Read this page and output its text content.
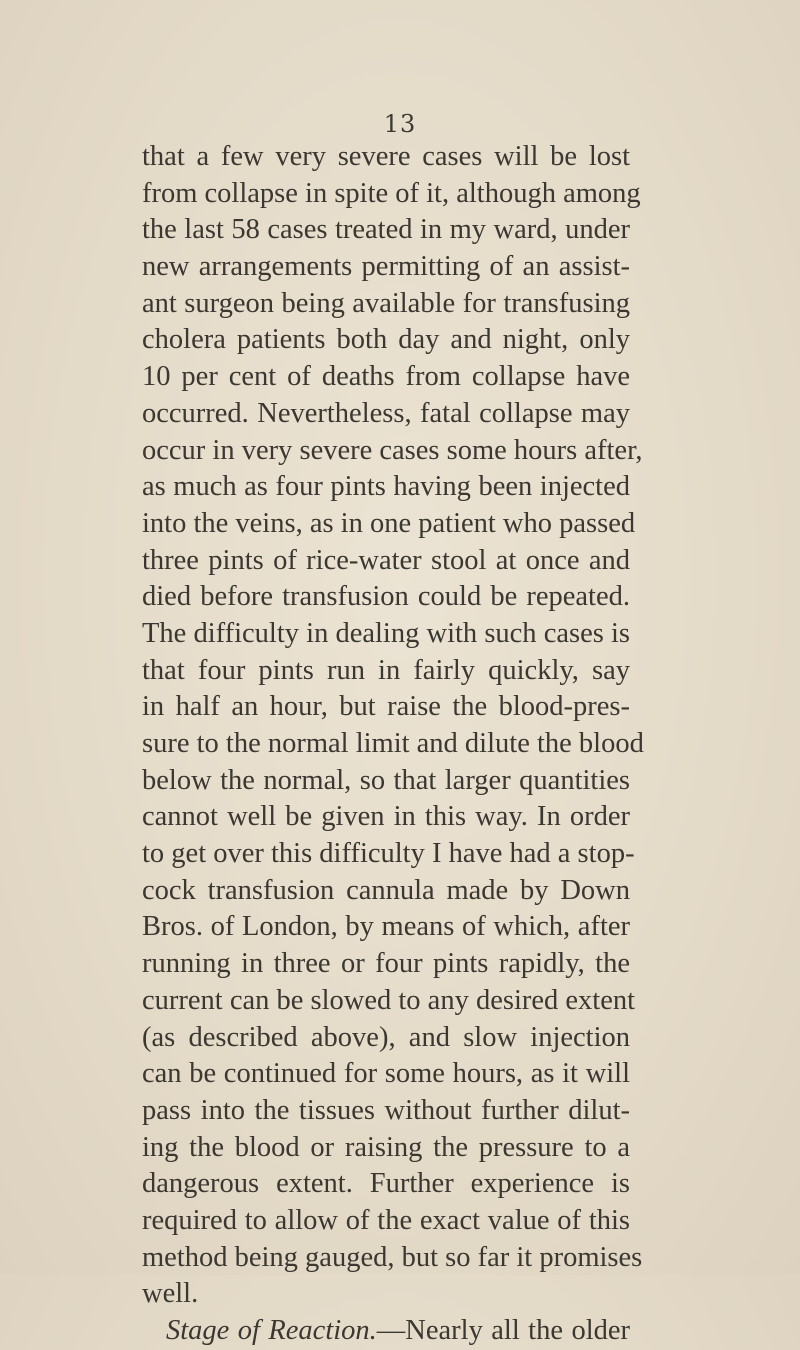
13
that a few very severe cases will be lost
from collapse in spite of it, although among
the last 58 cases treated in my ward, under
new arrangements permitting of an assist-
ant surgeon being available for transfusing
cholera patients both day and night, only
10 per cent of deaths from collapse have
occurred. Nevertheless, fatal collapse may
occur in very severe cases some hours after,
as much as four pints having been injected
into the veins, as in one patient who passed
three pints of rice-water stool at once and
died before transfusion could be repeated.
The difficulty in dealing with such cases is
that four pints run in fairly quickly, say
in half an hour, but raise the blood-pres-
sure to the normal limit and dilute the blood
below the normal, so that larger quantities
cannot well be given in this way. In order
to get over this difficulty I have had a stop-
cock transfusion cannula made by Down
Bros. of London, by means of which, after
running in three or four pints rapidly, the
current can be slowed to any desired extent
(as described above), and slow injection
can be continued for some hours, as it will
pass into the tissues without further dilut-
ing the blood or raising the pressure to a
dangerous extent. Further experience is
required to allow of the exact value of this
method being gauged, but so far it promises
well.
Stage of Reaction.—Nearly all the older
